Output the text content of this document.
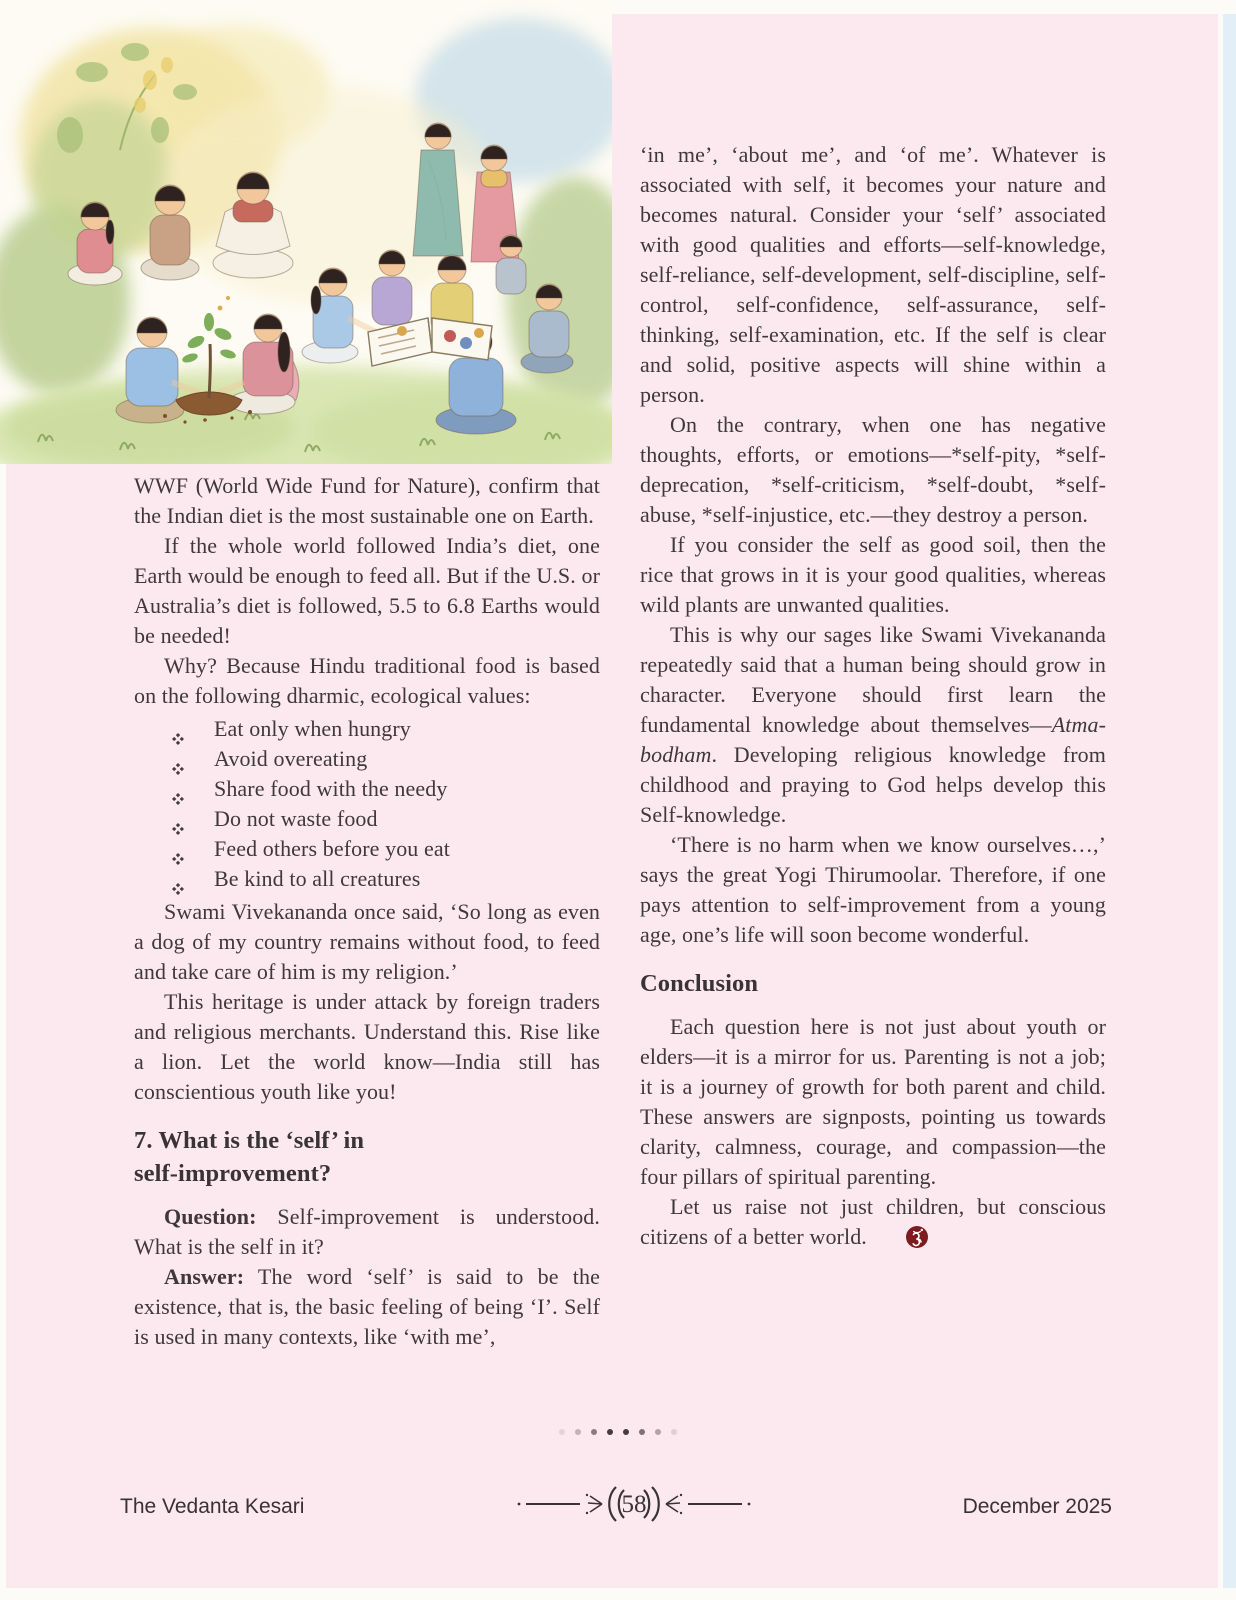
WWF (World Wide Fund for Nature), confirm that the Indian diet is the most sustainable one on Earth.

If the whole world followed India’s diet, one Earth would be enough to feed all. But if the U.S. or Australia’s diet is followed, 5.5 to 6.8 Earths would be needed!

Why? Because Hindu traditional food is based on the following dharmic, ecological values:

Eat only when hungry
Avoid overeating
Share food with the needy
Do not waste food
Feed others before you eat
Be kind to all creatures

Swami Vivekananda once said, ‘So long as even a dog of my country remains without food, to feed and take care of him is my religion.’

This heritage is under attack by foreign traders and religious merchants. Understand this. Rise like a lion. Let the world know—India still has conscientious youth like you!

7. What is the ‘self’ in
self-improvement?

Question: Self-improvement is understood. What is the self in it?

Answer: The word ‘self’ is said to be the existence, that is, the basic feeling of being ‘I’. Self is used in many contexts, like ‘with me’,

‘in me’, ‘about me’, and ‘of me’. Whatever is associated with self, it becomes your nature and becomes natural. Consider your ‘self’ associated with good qualities and efforts—self-knowledge, self-reliance, self-development, self-discipline, self-control, self-confidence, self-assurance, self-thinking, self-examination, etc. If the self is clear and solid, positive aspects will shine within a person.

On the contrary, when one has negative thoughts, efforts, or emotions—*self-pity, *self-deprecation, *self-criticism, *self-doubt, *self-abuse, *self-injustice, etc.—they destroy a person.

If you consider the self as good soil, then the rice that grows in it is your good qualities, whereas wild plants are unwanted qualities.

This is why our sages like Swami Vivekananda repeatedly said that a human being should grow in character. Everyone should first learn the fundamental knowledge about themselves—Atma-bodham. Developing religious knowledge from childhood and praying to God helps develop this Self-knowledge.

‘There is no harm when we know ourselves…,’ says the great Yogi Thirumoolar. Therefore, if one pays attention to self-improvement from a young age, one’s life will soon become wonderful.

Conclusion

Each question here is not just about youth or elders—it is a mirror for us. Parenting is not a job; it is a journey of growth for both parent and child. These answers are signposts, pointing us towards clarity, calmness, courage, and compassion—the four pillars of spiritual parenting.

Let us raise not just children, but conscious citizens of a better world.

The Vedanta Kesari	58	December 2025
